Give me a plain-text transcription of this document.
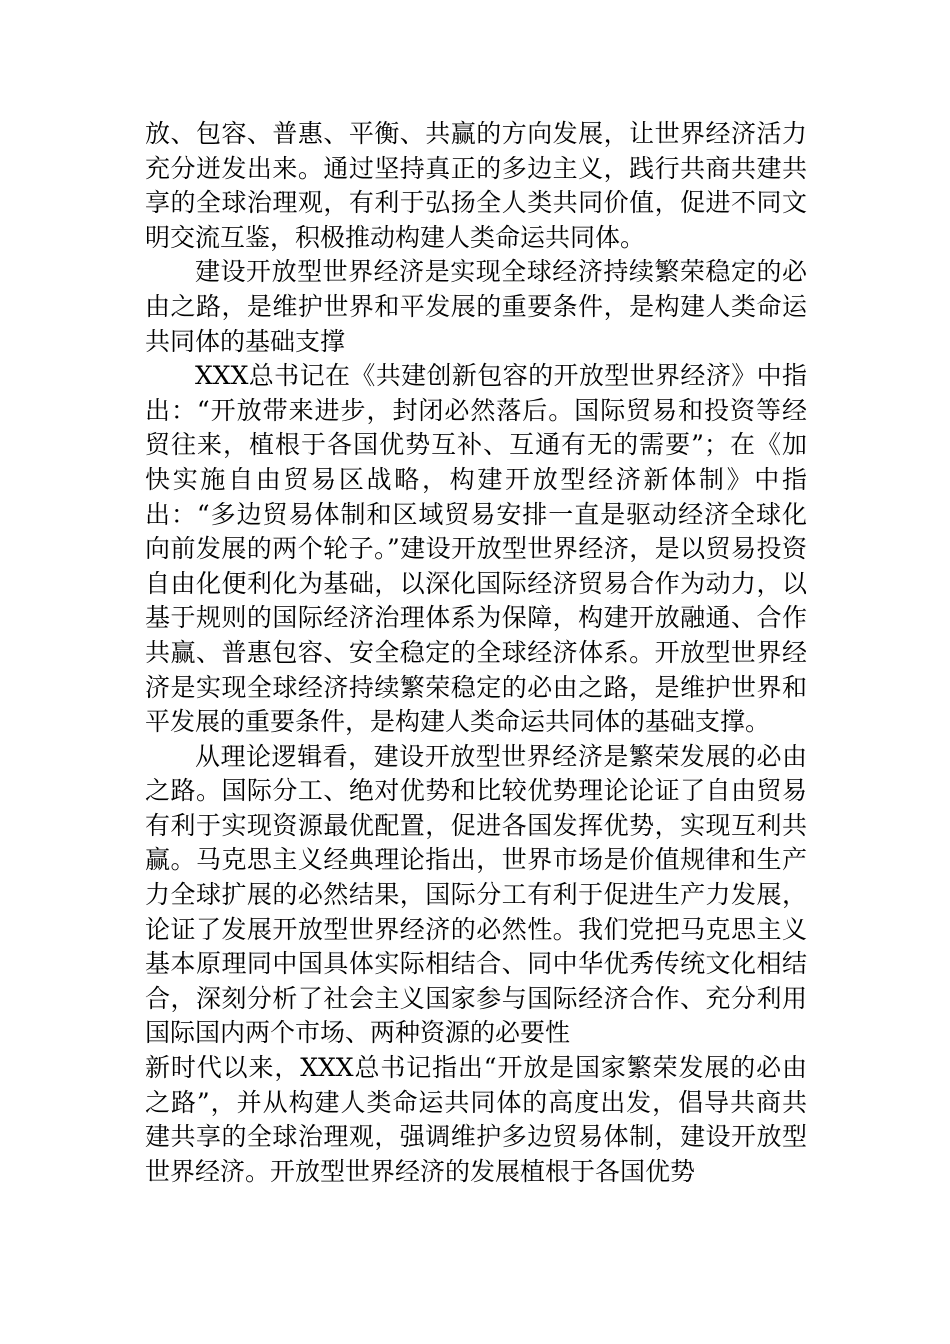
放、包容、普惠、平衡、共赢的方向发展，让世界经济活力充分迸发出来。通过坚持真正的多边主义，践行共商共建共享的全球治理观，有利于弘扬全人类共同价值，促进不同文明交流互鉴，积极推动构建人类命运共同体。

建设开放型世界经济是实现全球经济持续繁荣稳定的必由之路，是维护世界和平发展的重要条件，是构建人类命运共同体的基础支撑

XXX总书记在《共建创新包容的开放型世界经济》中指出：“开放带来进步，封闭必然落后。国际贸易和投资等经贸往来，植根于各国优势互补、互通有无的需要”；在《加快实施自由贸易区战略，构建开放型经济新体制》中指出：“多边贸易体制和区域贸易安排一直是驱动经济全球化向前发展的两个轮子。”建设开放型世界经济，是以贸易投资自由化便利化为基础，以深化国际经济贸易合作为动力，以基于规则的国际经济治理体系为保障，构建开放融通、合作共赢、普惠包容、安全稳定的全球经济体系。开放型世界经济是实现全球经济持续繁荣稳定的必由之路，是维护世界和平发展的重要条件，是构建人类命运共同体的基础支撑。

从理论逻辑看，建设开放型世界经济是繁荣发展的必由之路。国际分工、绝对优势和比较优势理论论证了自由贸易有利于实现资源最优配置，促进各国发挥优势，实现互利共赢。马克思主义经典理论指出，世界市场是价值规律和生产力全球扩展的必然结果，国际分工有利于促进生产力发展，论证了发展开放型世界经济的必然性。我们党把马克思主义基本原理同中国具体实际相结合、同中华优秀传统文化相结合，深刻分析了社会主义国家参与国际经济合作、充分利用国际国内两个市场、两种资源的必要性

新时代以来，XXX总书记指出“开放是国家繁荣发展的必由之路”，并从构建人类命运共同体的高度出发，倡导共商共建共享的全球治理观，强调维护多边贸易体制，建设开放型世界经济。开放型世界经济的发展植根于各国优势
